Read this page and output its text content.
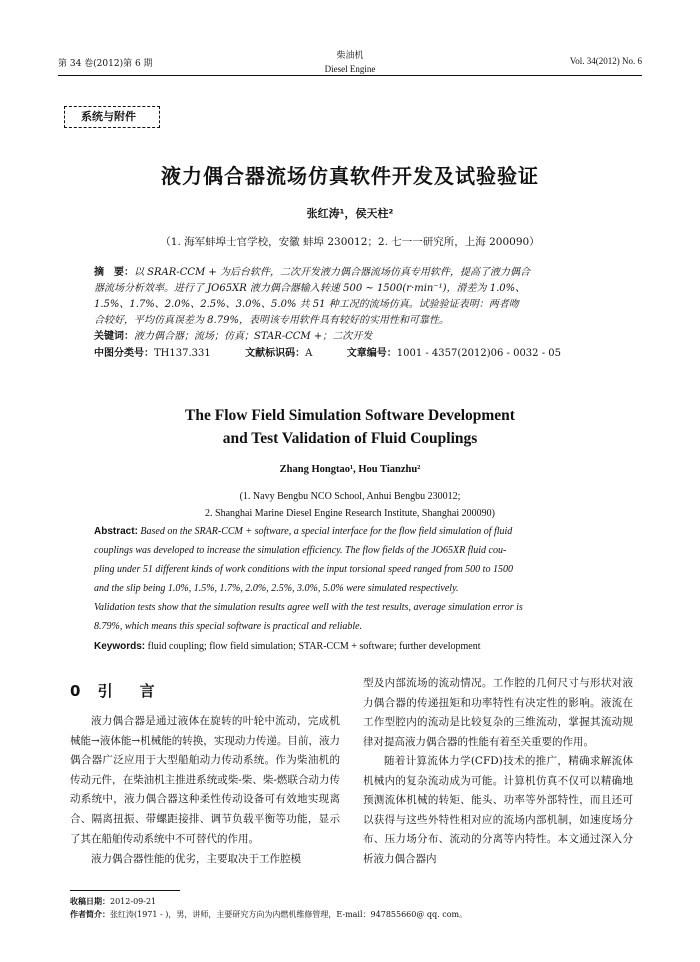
第 34 卷(2012)第 6 期
柴油机
Diesel Engine
Vol. 34(2012) No. 6
系统与附件
液力偶合器流场仿真软件开发及试验验证
张红涛¹，侯天柱²
（1. 海军蚌埠士官学校，安徽 蚌埠 230012；2. 七一一研究所，上海 200090）
摘　要：以 SRAR-CCM + 为后台软件，二次开发液力偶合器流场仿真专用软件，提高了液力偶合
器流场分析效率。进行了 JO65XR 液力偶合器输入转速 500 ~ 1500(r·min⁻¹)，滑差为 1.0%、
1.5%、1.7%、2.0%、2.5%、3.0%、5.0% 共 51 种工况的流场仿真。试验验证表明：两者吻
合较好，平均仿真误差为 8.79%，表明该专用软件具有较好的实用性和可靠性。
关键词：液力偶合器；流场；仿真；STAR-CCM +；二次开发
中图分类号：TH137.331	文献标识码：A	文章编号：1001 - 4357(2012)06 - 0032 - 05
The Flow Field Simulation Software Development
and Test Validation of Fluid Couplings
Zhang Hongtao¹, Hou Tianzhu²
(1. Navy Bengbu NCO School, Anhui Bengbu 230012;
2. Shanghai Marine Diesel Engine Research Institute, Shanghai 200090)
Abstract: Based on the SRAR-CCM + software, a special interface for the flow field simulation of fluid
couplings was developed to increase the simulation efficiency. The flow fields of the JO65XR fluid cou-
pling under 51 different kinds of work conditions with the input torsional speed ranged from 500 to 1500
and the slip being 1.0%, 1.5%, 1.7%, 2.0%, 2.5%, 3.0%, 5.0% were simulated respectively.
Validation tests show that the simulation results agree well with the test results, average simulation error is
8.79%, which means this special software is practical and reliable.
Keywords: fluid coupling; flow field simulation; STAR-CCM + software; further development
0 引　言
液力偶合器是通过液体在旋转的叶轮中流动，完成机械能→液体能→机械能的转换，实现动力传递。目前，液力偶合器广泛应用于大型船舶动力传动系统。作为柴油机的传动元件，在柴油机主推进系统或柴-柴、柴-燃联合动力传动系统中，液力偶合器这种柔性传动设备可有效地实现离合、隔离扭振、带螺距接排、调节负载平衡等功能，显示了其在船舶传动系统中不可替代的作用。
液力偶合器性能的优劣，主要取决于工作腔模
型及内部流场的流动情况。工作腔的几何尺寸与形状对液力偶合器的传递扭矩和功率特性有决定性的影响。液流在工作型腔内的流动是比较复杂的三维流动，掌握其流动规律对提高液力偶合器的性能有着至关重要的作用。
随着计算流体力学(CFD)技术的推广，精确求解流体机械内的复杂流动成为可能。计算机仿真不仅可以精确地预测流体机械的转矩、能头、功率等外部特性，而且还可以获得与这些外特性相对应的流场内部机制，如速度场分布、压力场分布、流动的分离等内特性。本文通过深入分析液力偶合器内
收稿日期：2012-09-21
作者简介：张红涛(1971 - )，男，讲师，主要研究方向为内燃机维修管理，E-mail：947855660@ qq. com。
